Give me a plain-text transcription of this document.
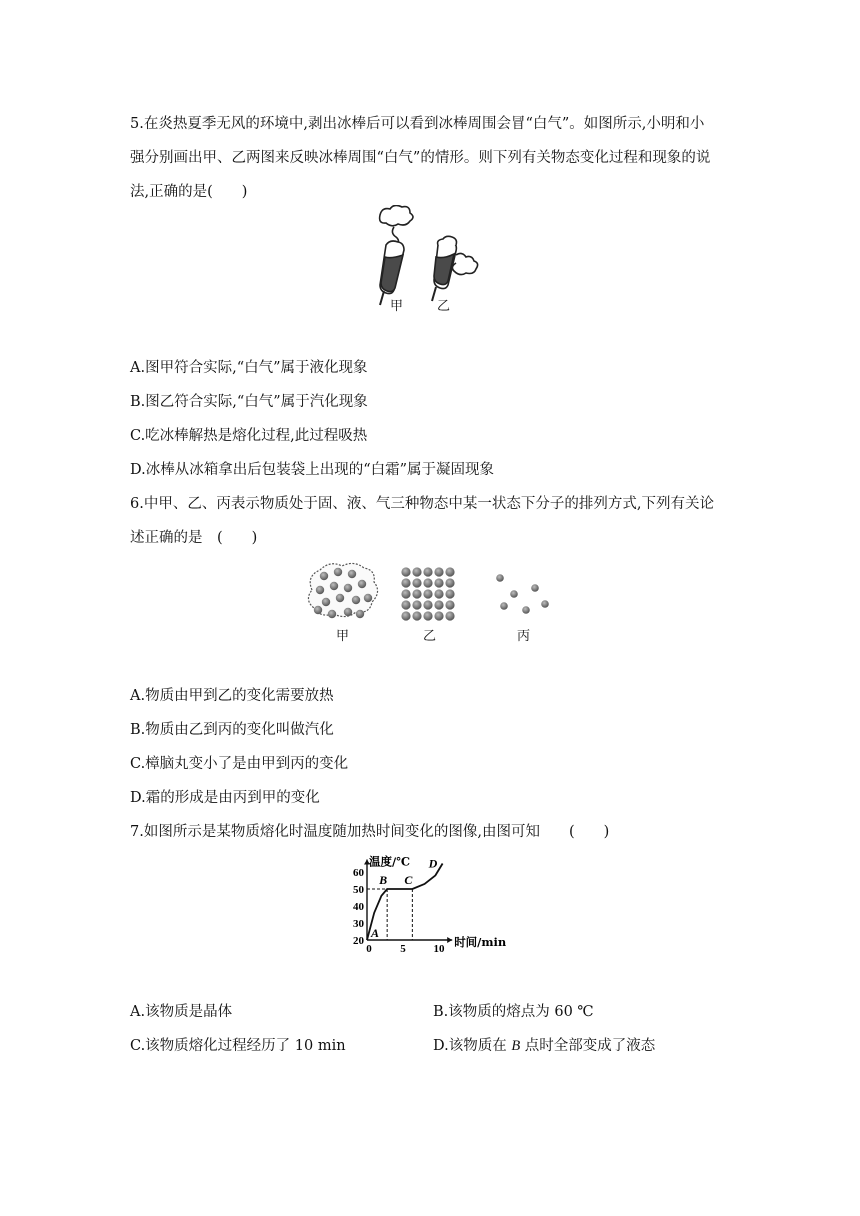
5.在炎热夏季无风的环境中,剥出冰棒后可以看到冰棒周围会冒“白气”。如图所示,小明和小
强分别画出甲、乙两图来反映冰棒周围“白气”的情形。则下列有关物态变化过程和现象的说
法,正确的是(　　)
甲	乙
A.图甲符合实际,“白气”属于液化现象
B.图乙符合实际,“白气”属于汽化现象
C.吃冰棒解热是熔化过程,此过程吸热
D.冰棒从冰箱拿出后包装袋上出现的“白霜”属于凝固现象
6.中甲、乙、丙表示物质处于固、液、气三种物态中某一状态下分子的排列方式,下列有关论
述正确的是　(　　)
甲	乙	丙
A.物质由甲到乙的变化需要放热
B.物质由乙到丙的变化叫做汽化
C.樟脑丸变小了是由甲到丙的变化
D.霜的形成是由丙到甲的变化
7.如图所示是某物质熔化时温度随加热时间变化的图像,由图可知　　(　　)
温度/℃
时间/min
20
30
40
50
60
0	5	10
A
B C
D
A.该物质是晶体	B.该物质的熔点为 60 ℃
C.该物质熔化过程经历了 10 min	D.该物质在 B 点时全部变成了液态
